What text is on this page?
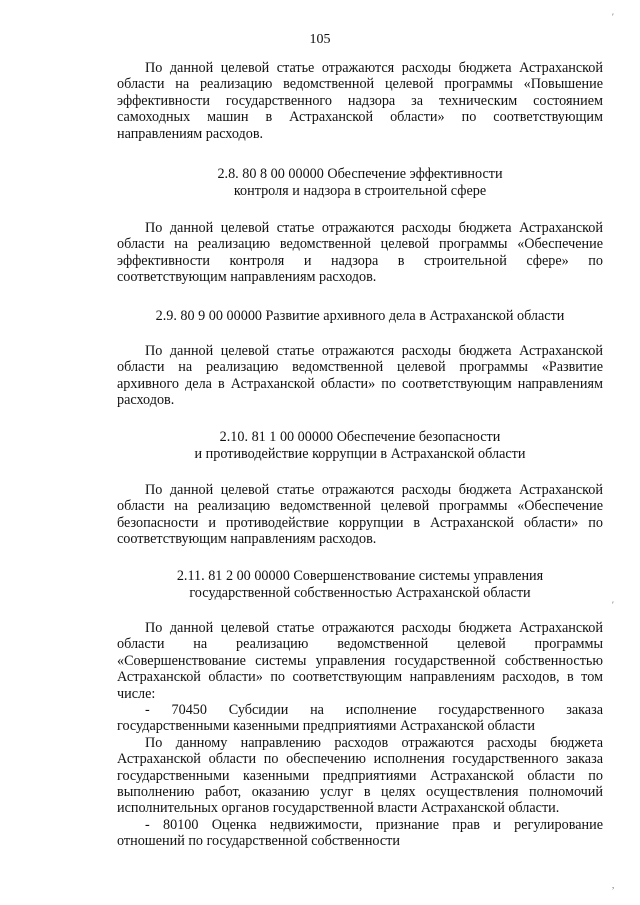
105

По данной целевой статье отражаются расходы бюджета Астраханской области на реализацию ведомственной целевой программы «Повышение эффективности государственного надзора за техническим состоянием самоходных машин в Астраханской области» по соответствующим направлениям расходов.

2.8. 80 8 00 00000 Обеспечение эффективности
контроля и надзора в строительной сфере

По данной целевой статье отражаются расходы бюджета Астраханской области на реализацию ведомственной целевой программы «Обеспечение эффективности контроля и надзора в строительной сфере» по соответствующим направлениям расходов.

2.9. 80 9 00 00000 Развитие архивного дела в Астраханской области

По данной целевой статье отражаются расходы бюджета Астраханской области на реализацию ведомственной целевой программы «Развитие архивного дела в Астраханской области» по соответствующим направлениям расходов.

2.10. 81 1 00 00000 Обеспечение безопасности
и противодействие коррупции в Астраханской области

По данной целевой статье отражаются расходы бюджета Астраханской области на реализацию ведомственной целевой программы «Обеспечение безопасности и противодействие коррупции в Астраханской области» по соответствующим направлениям расходов.

2.11. 81 2 00 00000 Совершенствование системы управления
государственной собственностью Астраханской области

По данной целевой статье отражаются расходы бюджета Астраханской области на реализацию ведомственной целевой программы «Совершенствование системы управления государственной собственностью Астраханской области» по соответствующим направлениям расходов, в том числе:

- 70450 Субсидии на исполнение государственного заказа государственными казенными предприятиями Астраханской области

По данному направлению расходов отражаются расходы бюджета Астраханской области по обеспечению исполнения государственного заказа государственными казенными предприятиями Астраханской области по выполнению работ, оказанию услуг в целях осуществления полномочий исполнительных органов государственной власти Астраханской области.

- 80100 Оценка недвижимости, признание прав и регулирование отношений по государственной собственности

′
′
,
